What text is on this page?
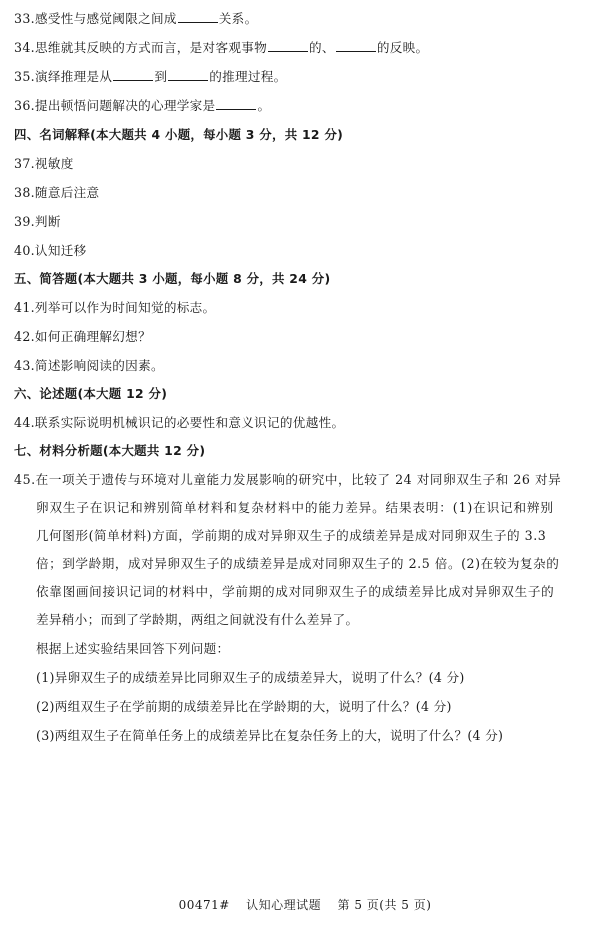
33.感受性与感觉阈限之间成	关系。
34.思维就其反映的方式而言，是对客观事物	的、	的反映。
35.演绎推理是从	到	的推理过程。
36.提出顿悟问题解决的心理学家是	。
四、名词解释(本大题共 4 小题，每小题 3 分，共 12 分)
37.视敏度
38.随意后注意
39.判断
40.认知迁移
五、简答题(本大题共 3 小题，每小题 8 分，共 24 分)
41.列举可以作为时间知觉的标志。
42.如何正确理解幻想？
43.简述影响阅读的因素。
六、论述题(本大题 12 分)
44.联系实际说明机械识记的必要性和意义识记的优越性。
七、材料分析题(本大题共 12 分)
45.在一项关于遗传与环境对儿童能力发展影响的研究中，比较了 24 对同卵双生子和 26 对异
卵双生子在识记和辨别简单材料和复杂材料中的能力差异。结果表明：(1)在识记和辨别
几何图形(简单材料)方面，学前期的成对异卵双生子的成绩差异是成对同卵双生子的 3.3
倍；到学龄期，成对异卵双生子的成绩差异是成对同卵双生子的 2.5 倍。(2)在较为复杂的
依靠图画间接识记词的材料中，学前期的成对同卵双生子的成绩差异比成对异卵双生子的
差异稍小；而到了学龄期，两组之间就没有什么差异了。
根据上述实验结果回答下列问题：
(1)异卵双生子的成绩差异比同卵双生子的成绩差异大，说明了什么？(4 分)
(2)两组双生子在学前期的成绩差异比在学龄期的大，说明了什么？(4 分)
(3)两组双生子在简单任务上的成绩差异比在复杂任务上的大，说明了什么？(4 分)
00471# 认知心理试题 第 5 页(共 5 页)
